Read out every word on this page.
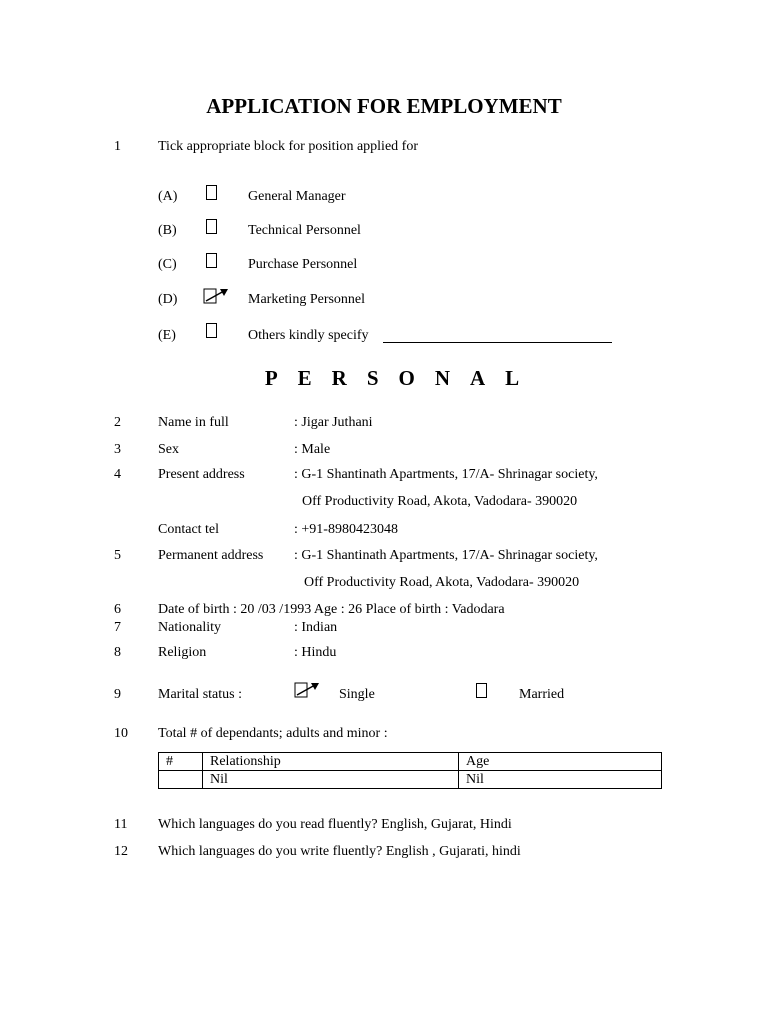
APPLICATION FOR EMPLOYMENT
1	Tick appropriate block for position applied for
(A)	General Manager
(B)	Technical Personnel
(C)	Purchase Personnel
(D)	Marketing Personnel
(E)	Others kindly specify
PERSONAL
2	Name in full	: Jigar Juthani
3	Sex	: Male
4	Present address	: G-1 Shantinath Apartments, 17/A- Shrinagar society,
Off Productivity Road, Akota, Vadodara- 390020
Contact tel	: +91-8980423048
5	Permanent address : G-1 Shantinath Apartments, 17/A- Shrinagar society,
Off Productivity Road, Akota, Vadodara- 390020
6	Date of birth : 20 /03 /1993 Age : 26 Place of birth : Vadodara
7	Nationality	: Indian
8	Religion	: Hindu
9	Marital status :	Single	Married
10 Total # of dependants; adults and minor :
#	Relationship	Age
	Nil	Nil
11 Which languages do you read fluently? English, Gujarat, Hindi
12 Which languages do you write fluently? English , Gujarati, hindi
